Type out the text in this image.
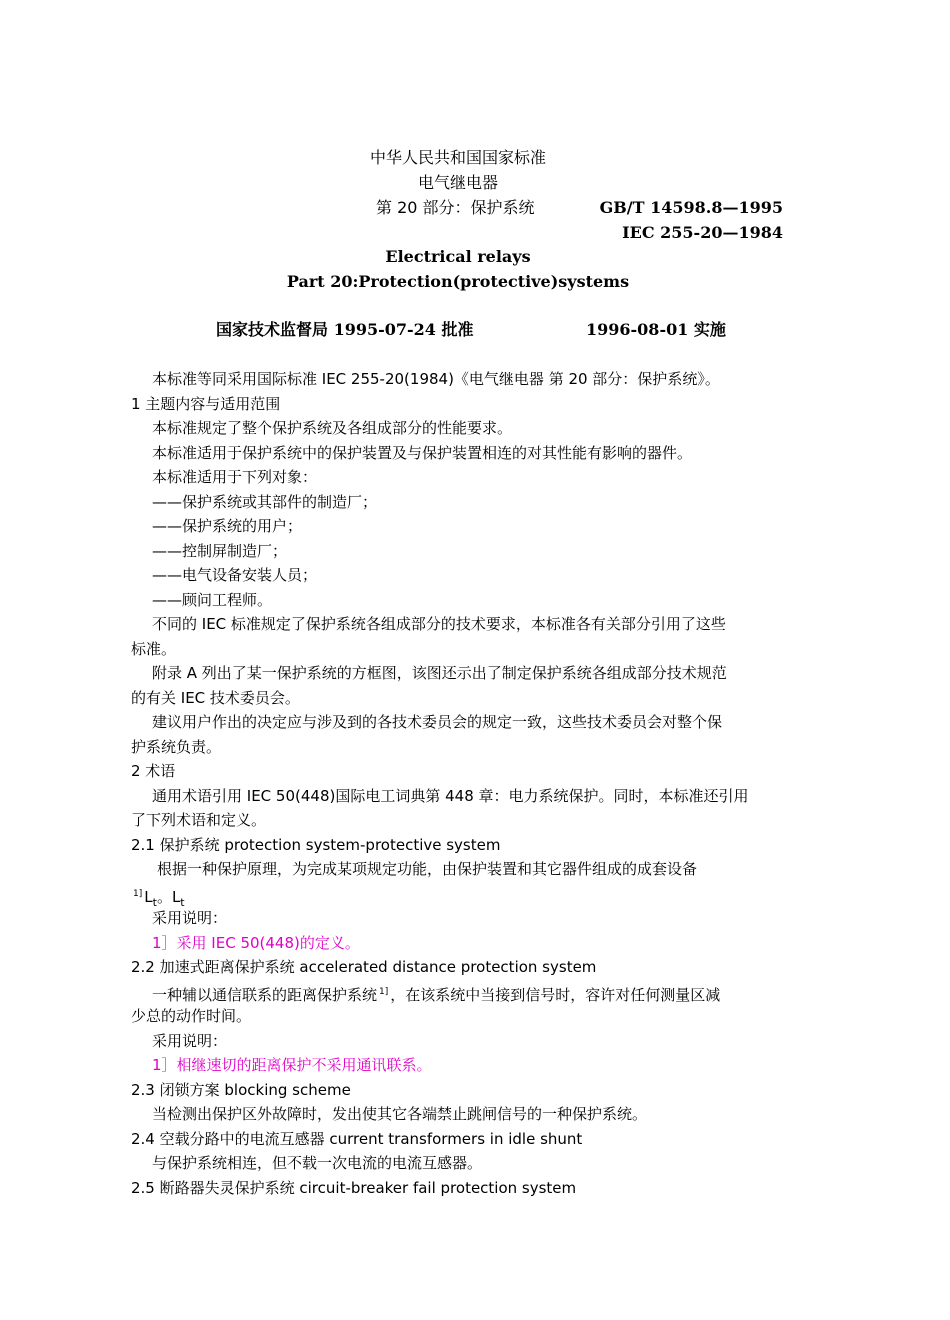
中华人民共和国国家标准
电气继电器
第 20 部分：保护系统	GB/T 14598.8—1995
IEC 255-20—1984
Electrical relays
Part 20:Protection(protective)systems
国家技术监督局 1995-07-24 批准	1996-08-01 实施
本标准等同采用国际标准 IEC 255-20(1984)《电气继电器 第 20 部分：保护系统》。
1 主题内容与适用范围
本标准规定了整个保护系统及各组成部分的性能要求。
本标准适用于保护系统中的保护装置及与保护装置相连的对其性能有影响的器件。
本标准适用于下列对象：
——保护系统或其部件的制造厂；
——保护系统的用户；
——控制屏制造厂；
——电气设备安装人员；
——顾问工程师。
不同的 IEC 标准规定了保护系统各组成部分的技术要求，本标准各有关部分引用了这些
标准。
附录 A 列出了某一保护系统的方框图，该图还示出了制定保护系统各组成部分技术规范
的有关 IEC 技术委员会。
建议用户作出的决定应与涉及到的各技术委员会的规定一致，这些技术委员会对整个保
护系统负责。
2 术语
通用术语引用 IEC 50(448)国际电工词典第 448 章：电力系统保护。同时，本标准还引用
了下列术语和定义。
2.1 保护系统 protection system-protective system
根据一种保护原理，为完成某项规定功能，由保护装置和其它器件组成的成套设备
$^{1]}$ $L_t$。$L_t$
采用说明：
1］采用 IEC 50(448)的定义。
2.2 加速式距离保护系统 accelerated distance protection system
一种辅以通信联系的距离保护系统 $^{1]}$ ，在该系统中当接到信号时，容许对任何测量区减
少总的动作时间。
采用说明：
1］相继速切的距离保护不采用通讯联系。
2.3 闭锁方案 blocking scheme
当检测出保护区外故障时，发出使其它各端禁止跳闸信号的一种保护系统。
2.4 空载分路中的电流互感器 current transformers in idle shunt
与保护系统相连，但不载一次电流的电流互感器。
2.5 断路器失灵保护系统 circuit-breaker fail protection system
